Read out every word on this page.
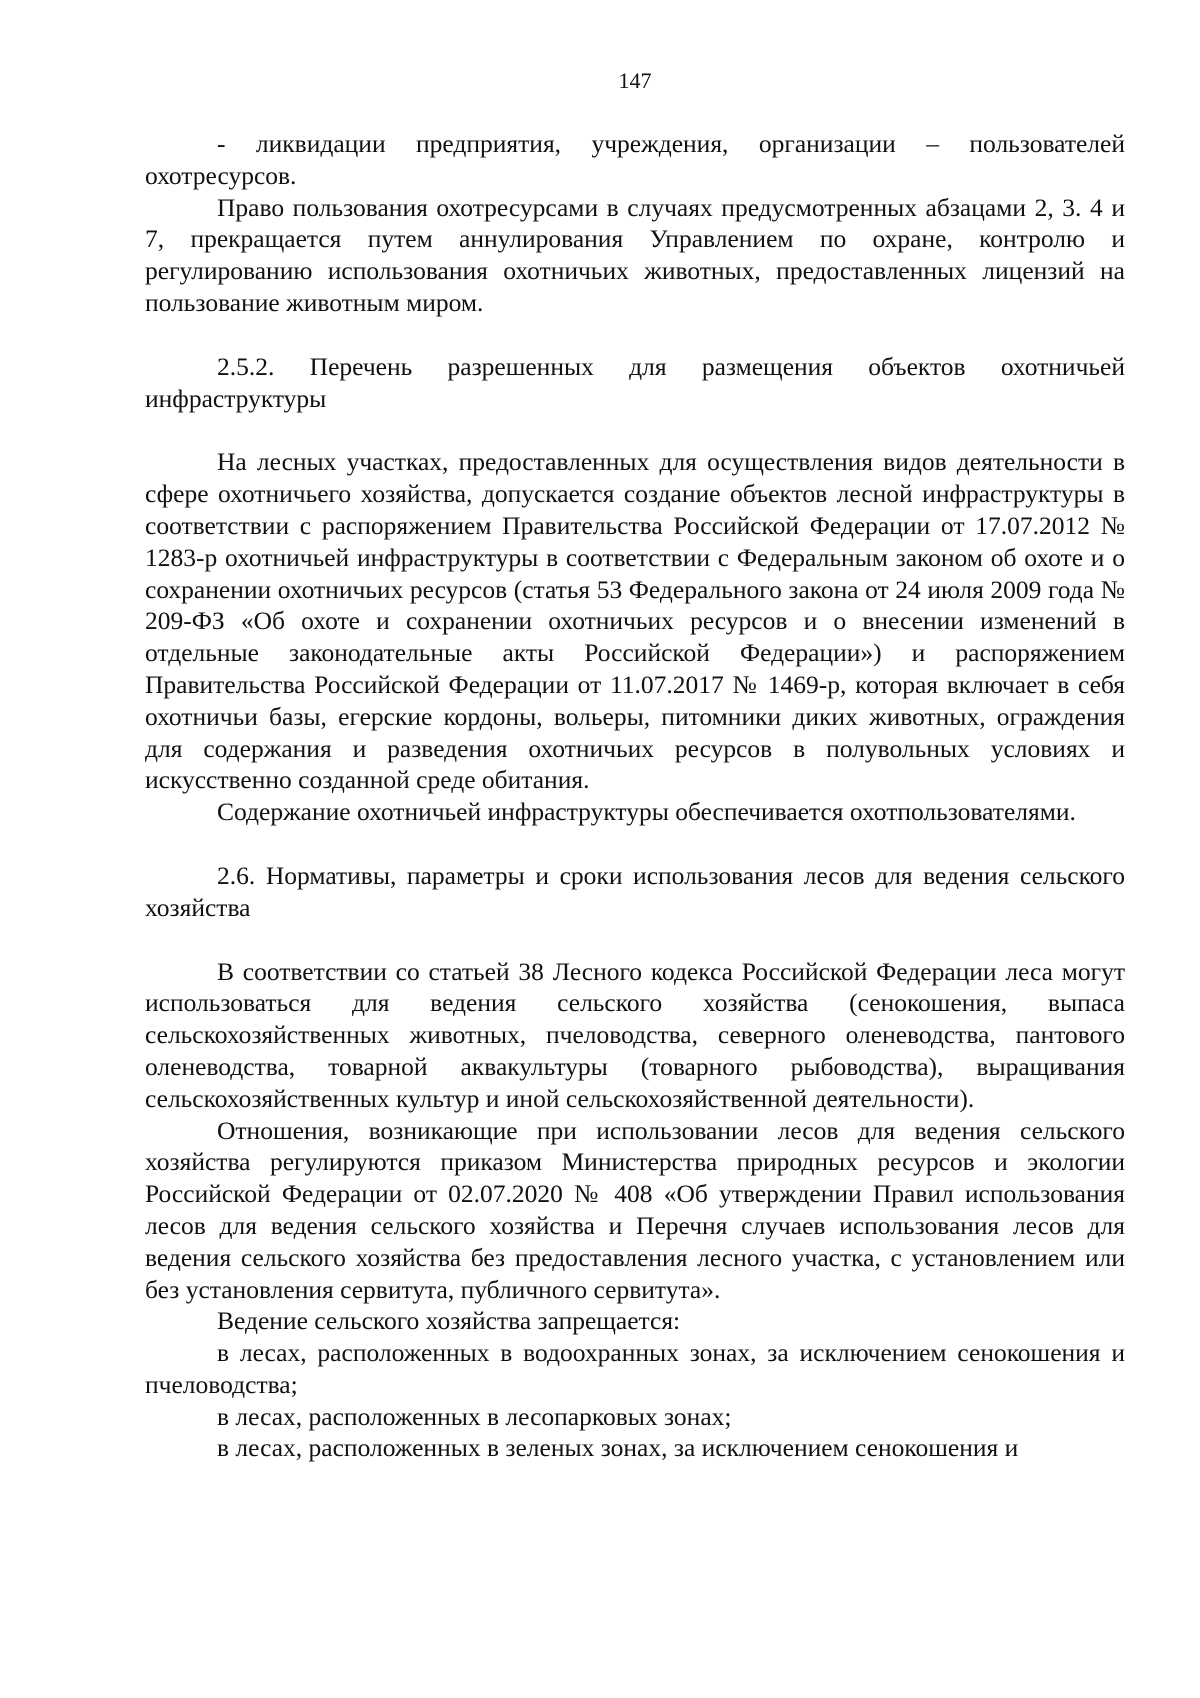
147

- ликвидации предприятия, учреждения, организации – пользователей охотресурсов.

Право пользования охотресурсами в случаях предусмотренных абзацами 2, 3. 4 и 7, прекращается путем аннулирования Управлением по охране, контролю и регулированию использования охотничьих животных, предоставленных лицензий на пользование животным миром.

2.5.2. Перечень разрешенных для размещения объектов охотничьей инфраструктуры

На лесных участках, предоставленных для осуществления видов деятельности в сфере охотничьего хозяйства, допускается создание объектов лесной инфраструктуры в соответствии с распоряжением Правительства Российской Федерации от 17.07.2012 № 1283-р охотничьей инфраструктуры в соответствии с Федеральным законом об охоте и о сохранении охотничьих ресурсов (статья 53 Федерального закона от 24 июля 2009 года № 209-ФЗ «Об охоте и сохранении охотничьих ресурсов и о внесении изменений в отдельные законодательные акты Российской Федерации») и распоряжением Правительства Российской Федерации от 11.07.2017 № 1469-р, которая включает в себя охотничьи базы, егерские кордоны, вольеры, питомники диких животных, ограждения для содержания и разведения охотничьих ресурсов в полувольных условиях и искусственно созданной среде обитания.

Содержание охотничьей инфраструктуры обеспечивается охотпользователями.

2.6. Нормативы, параметры и сроки использования лесов для ведения сельского хозяйства

В соответствии со статьей 38 Лесного кодекса Российской Федерации леса могут использоваться для ведения сельского хозяйства (сенокошения, выпаса сельскохозяйственных животных, пчеловодства, северного оленеводства, пантового оленеводства, товарной аквакультуры (товарного рыбоводства), выращивания сельскохозяйственных культур и иной сельскохозяйственной деятельности).

Отношения, возникающие при использовании лесов для ведения сельского хозяйства регулируются приказом Министерства природных ресурсов и экологии Российской Федерации от 02.07.2020 № 408 «Об утверждении Правил использования лесов для ведения сельского хозяйства и Перечня случаев использования лесов для ведения сельского хозяйства без предоставления лесного участка, с установлением или без установления сервитута, публичного сервитута».

Ведение сельского хозяйства запрещается:

в лесах, расположенных в водоохранных зонах, за исключением сенокошения и пчеловодства;

в лесах, расположенных в лесопарковых зонах;

в лесах, расположенных в зеленых зонах, за исключением сенокошения и
